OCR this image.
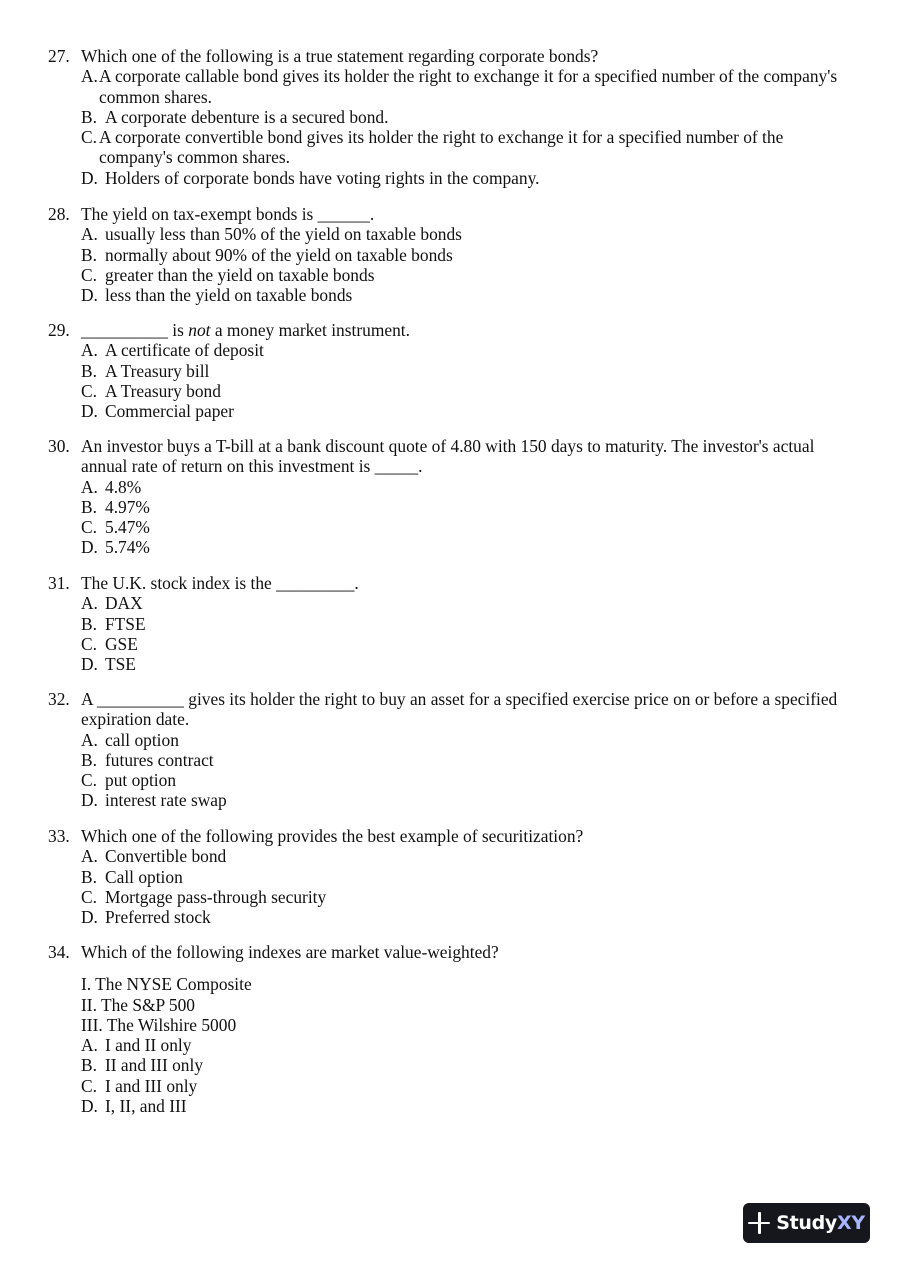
27. Which one of the following is a true statement regarding corporate bonds?
A. A corporate callable bond gives its holder the right to exchange it for a specified number of the company's common shares.
B. A corporate debenture is a secured bond.
C. A corporate convertible bond gives its holder the right to exchange it for a specified number of the company's common shares.
D. Holders of corporate bonds have voting rights in the company.
28. The yield on tax-exempt bonds is ______.
A. usually less than 50% of the yield on taxable bonds
B. normally about 90% of the yield on taxable bonds
C. greater than the yield on taxable bonds
D. less than the yield on taxable bonds
29. __________ is not a money market instrument.
A. A certificate of deposit
B. A Treasury bill
C. A Treasury bond
D. Commercial paper
30. An investor buys a T-bill at a bank discount quote of 4.80 with 150 days to maturity. The investor's actual annual rate of return on this investment is _____.
A. 4.8%
B. 4.97%
C. 5.47%
D. 5.74%
31. The U.K. stock index is the _________.
A. DAX
B. FTSE
C. GSE
D. TSE
32. A __________ gives its holder the right to buy an asset for a specified exercise price on or before a specified expiration date.
A. call option
B. futures contract
C. put option
D. interest rate swap
33. Which one of the following provides the best example of securitization?
A. Convertible bond
B. Call option
C. Mortgage pass-through security
D. Preferred stock
34. Which of the following indexes are market value-weighted?
I. The NYSE Composite
II. The S&P 500
III. The Wilshire 5000
A. I and II only
B. II and III only
C. I and III only
D. I, II, and III
StudyXY
